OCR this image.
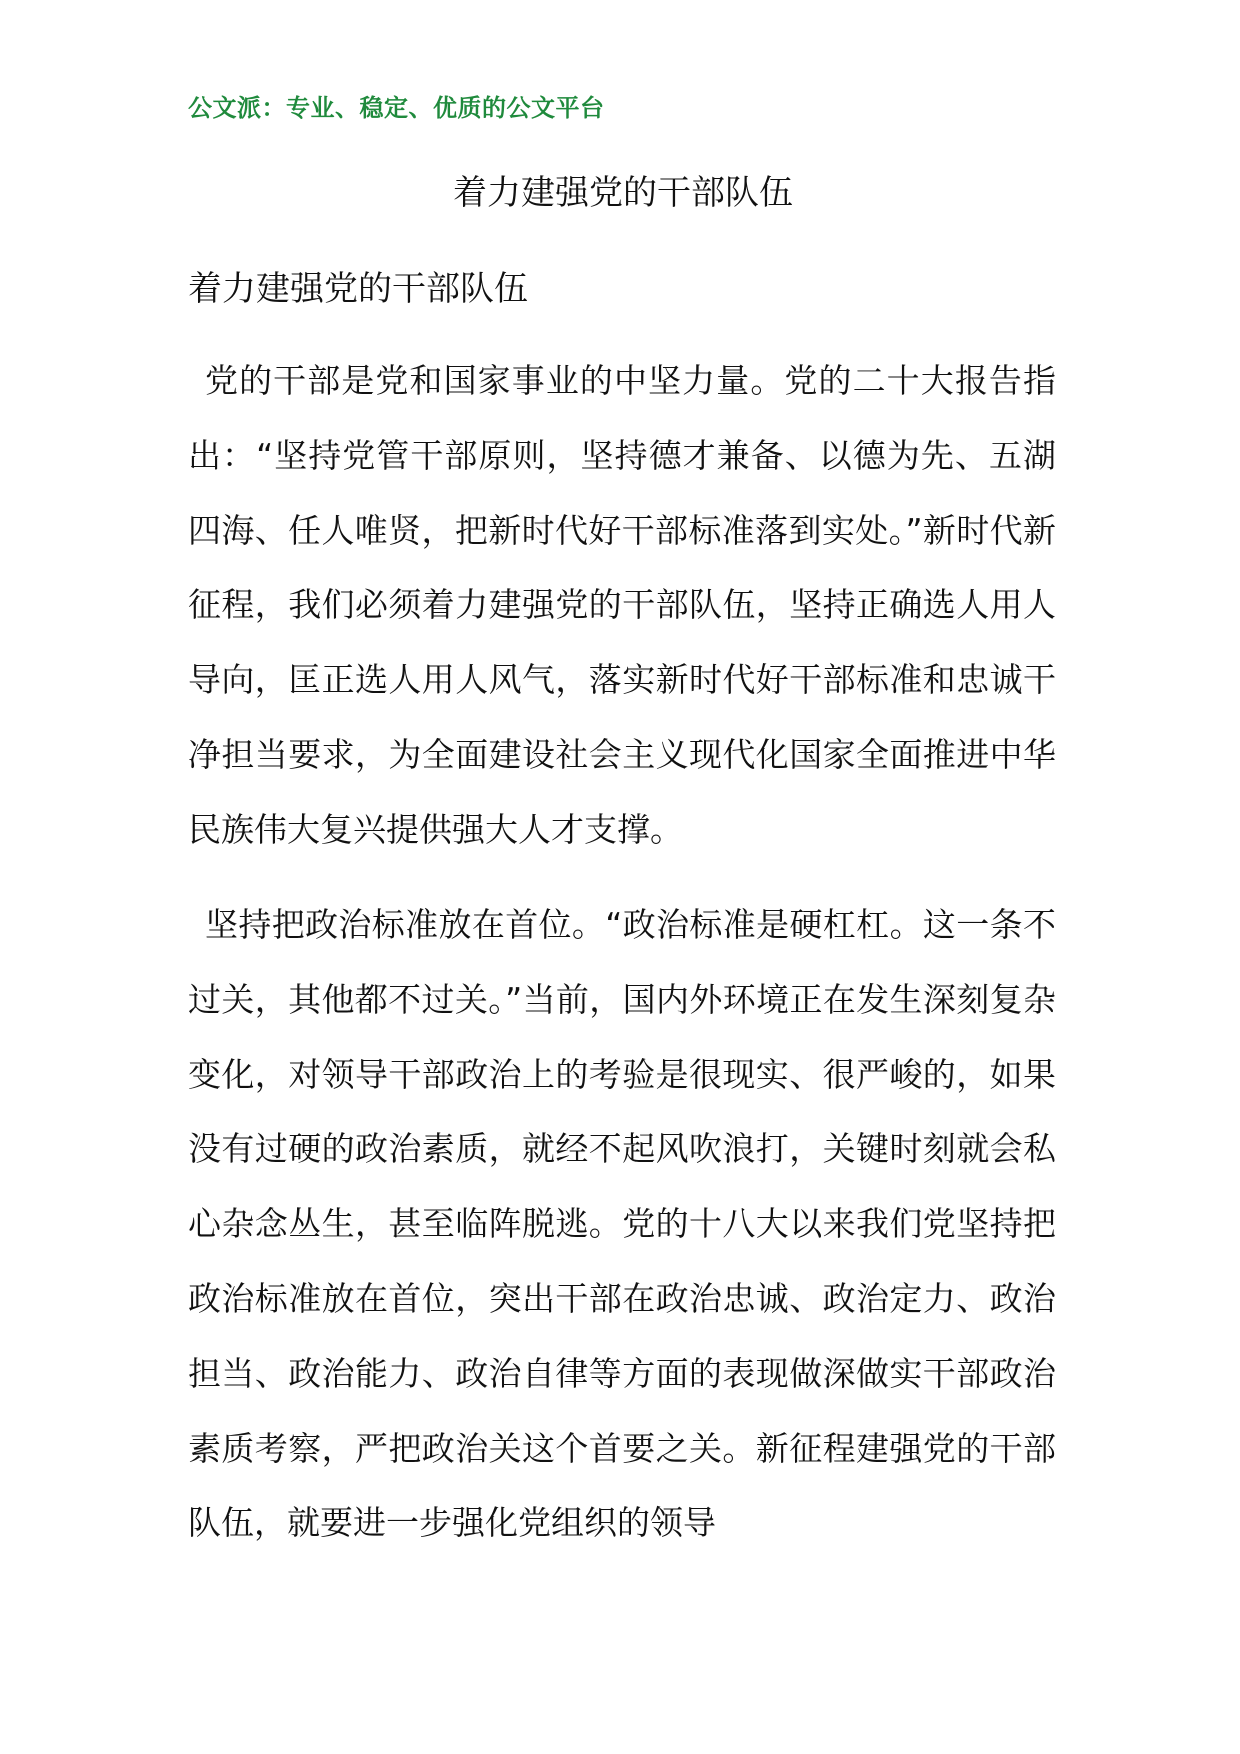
公文派：专业、稳定、优质的公文平台
着力建强党的干部队伍
着力建强党的干部队伍

党的干部是党和国家事业的中坚力量。党的二十大报告指出：“坚持党管干部原则，坚持德才兼备、以德为先、五湖四海、任人唯贤，把新时代好干部标准落到实处。”新时代新征程，我们必须着力建强党的干部队伍，坚持正确选人用人导向，匡正选人用人风气，落实新时代好干部标准和忠诚干净担当要求，为全面建设社会主义现代化国家全面推进中华民族伟大复兴提供强大人才支撑。

坚持把政治标准放在首位。“政治标准是硬杠杠。这一条不过关，其他都不过关。”当前，国内外环境正在发生深刻复杂变化，对领导干部政治上的考验是很现实、很严峻的，如果没有过硬的政治素质，就经不起风吹浪打，关键时刻就会私心杂念丛生，甚至临阵脱逃。党的十八大以来我们党坚持把政治标准放在首位，突出干部在政治忠诚、政治定力、政治担当、政治能力、政治自律等方面的表现做深做实干部政治素质考察，严把政治关这个首要之关。新征程建强党的干部队伍，就要进一步强化党组织的领导
